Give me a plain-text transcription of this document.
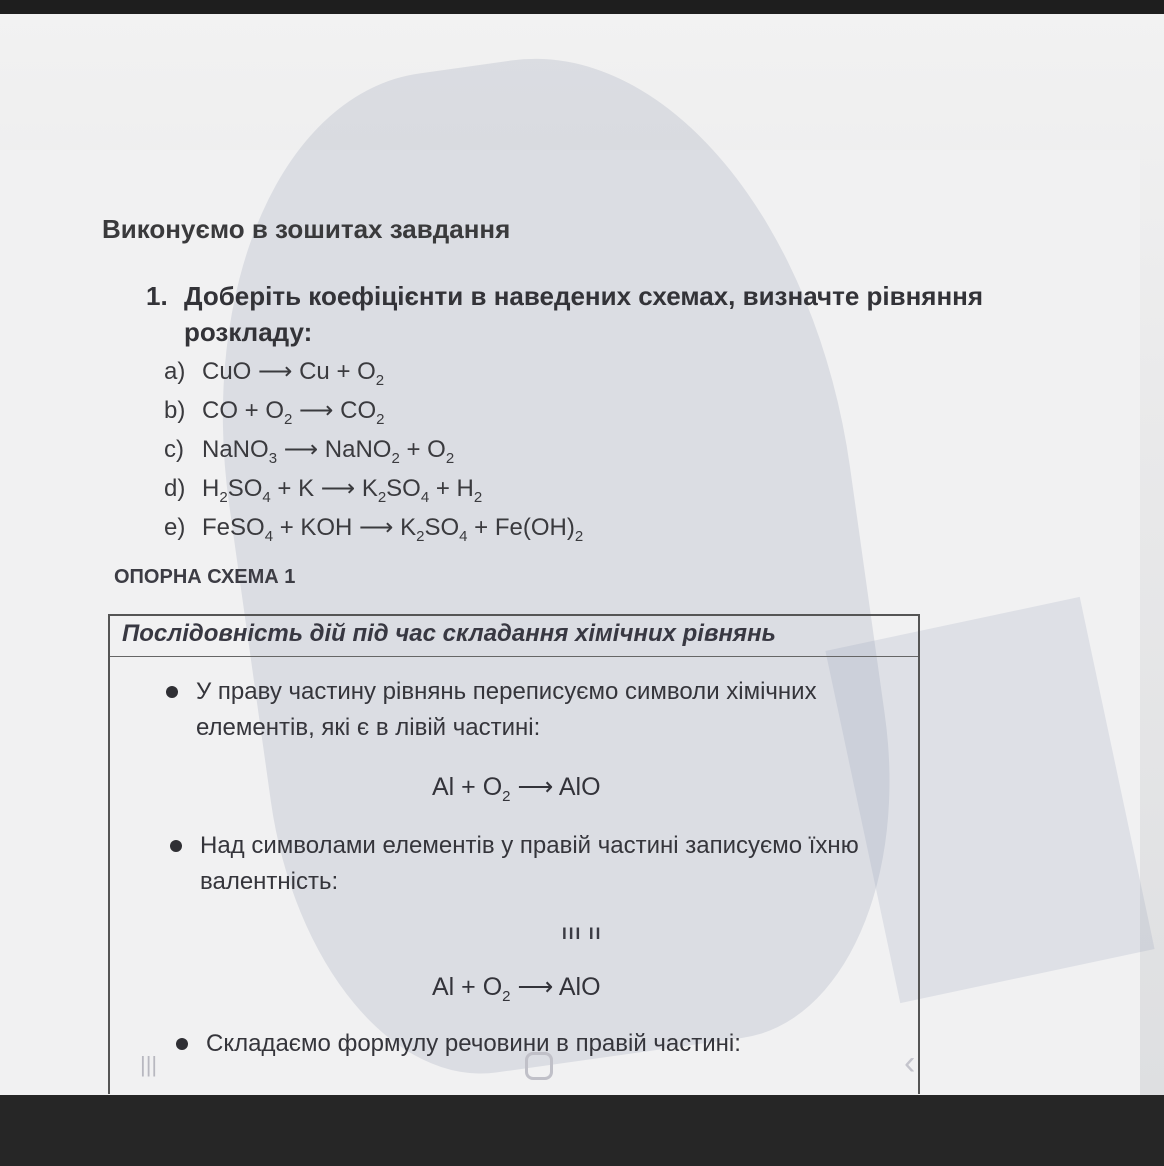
Виконуємо в зошитах завдання
1. Доберіть коефіцієнти в наведених схемах, визначте рівняння розкладу:
a) CuO ⟶ $Cu + O_2$
b) CO + $O_2$ ⟶ $CO_2$
c) NaNO$_3$ ⟶ NaNO$_2$ + $O_2$
d) $H_2SO_4 + K$ ⟶ $K_2SO_4 + H_2$
e) FeSO$_4$ + KOH ⟶ $K_2SO_4 + Fe(OH)_2$
ОПОРНА СХЕМА 1
Послідовність дій під час складання хімічних рівнянь
У праву частину рівнянь переписуємо символи хімічних елементів, які є в лівій частині:
$Al + O_2$ ⟶ AlO
Над символами елементів у правій частині записуємо їхню валентність:
III II
$Al + O_2$ ⟶ AlO
Складаємо формулу речовини в правій частині:
|||	‹
